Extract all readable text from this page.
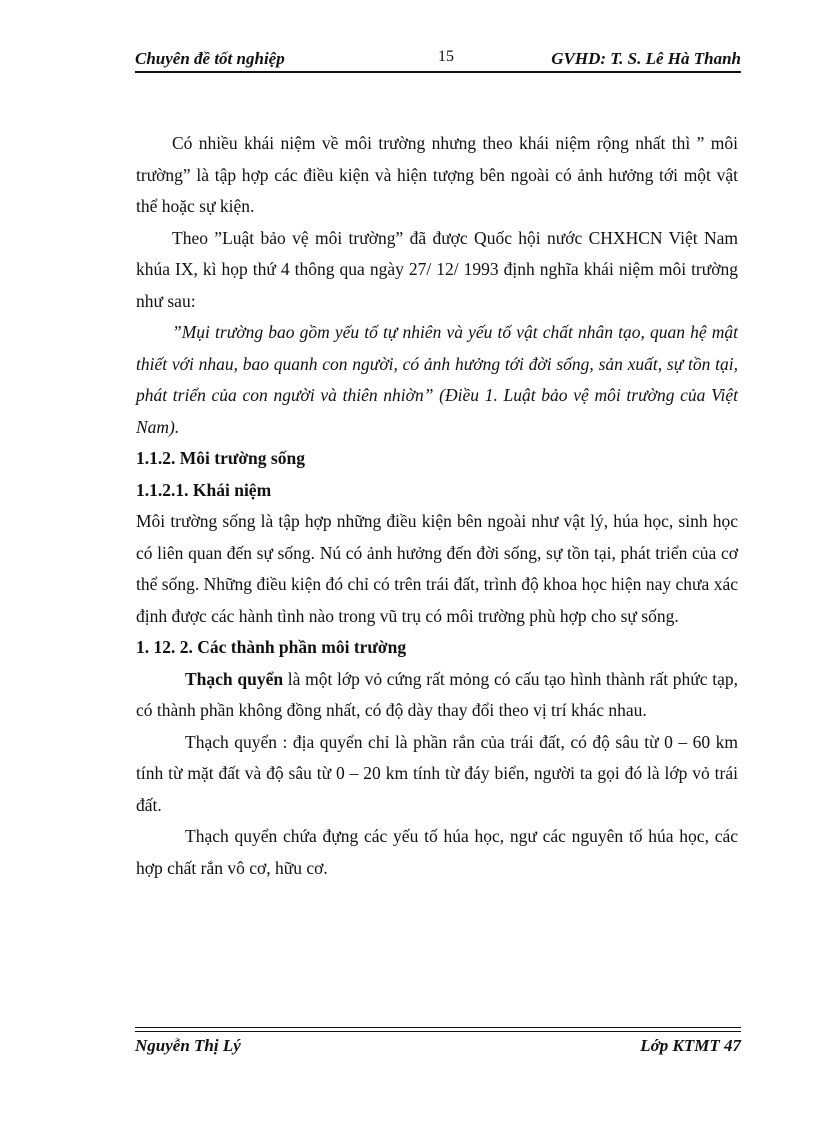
Chuyên đề tốt nghiệp	15	GVHD: T. S. Lê Hà Thanh

Có nhiều khái niệm về môi trường nhưng theo khái niệm rộng nhất thì ” môi trường” là tập hợp các điều kiện và hiện tượng bên ngoài có ảnh hưởng tới một vật thể hoặc sự kiện.

Theo ”Luật bảo vệ môi trường” đã được Quốc hội nước CHXHCN Việt Nam khúa IX, kì họp thứ 4 thông qua ngày 27/ 12/ 1993 định nghĩa khái niệm môi trường như sau:

”Mụi trường bao gồm yếu tố tự nhiên và yếu tố vật chất nhân tạo, quan hệ mật thiết với nhau, bao quanh con người, có ảnh hưởng tới đời sống, sản xuất, sự tồn tại, phát triển của con người và thiên nhiờn” (Điều 1. Luật bảo vệ môi trường của Việt Nam).

1.1.2. Môi trường sống

1.1.2.1. Khái niệm

Môi trường sống là tập hợp những điều kiện bên ngoài như vật lý, húa học, sinh học có liên quan đến sự sống. Nú có ảnh hưởng đến đời sống, sự tồn tại, phát triển của cơ thể sống. Những điều kiện đó chỉ có trên trái đất, trình độ khoa học hiện nay chưa xác định được các hành tình nào trong vũ trụ có môi trường phù hợp cho sự sống.

1. 12. 2. Các thành phần môi trường

Thạch quyển là một lớp vỏ cứng rất mỏng có cấu tạo hình thành rất phức tạp, có thành phần không đồng nhất, có độ dày thay đổi theo vị trí khác nhau.

Thạch quyển : địa quyển chỉ là phần rắn của trái đất, có độ sâu từ 0 – 60 km tính từ mặt đất và độ sâu từ 0 – 20 km tính từ đáy biển, người ta gọi đó là lớp vỏ trái đất.

Thạch quyển chứa đựng các yếu tố húa học, ngư các nguyên tố húa học, các hợp chất rắn vô cơ, hữu cơ.

Nguyễn Thị Lý	Lớp KTMT 47
